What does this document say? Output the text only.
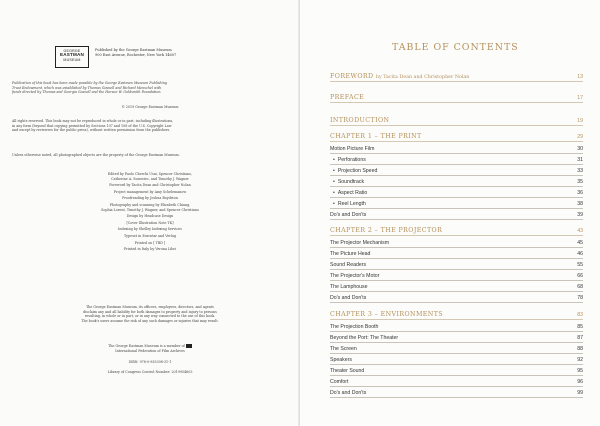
GEORGE
EASTMAN
MUSEUM
Published by the George Eastman Museum
900 East Avenue, Rochester, New York 14607
Publication of this book has been made possible by the George Eastman Museum Publishing
Trust Endowment, which was established by Thomas Gosnell and Richard Menschel with
funds directed by Thomas and Georgia Gosnell and the Horace W. Goldsmith Foundation.
© 2019 George Eastman Museum
All rights reserved. This book may not be reproduced in whole or in part, including illustrations,
in any form (beyond that copying permitted by Sections 107 and 108 of the U.S. Copyright Law
and except by reviewers for the public press), without written permission from the publishers.
Unless otherwise noted, all photographed objects are the property of the George Eastman Museum.
Edited by Paolo Cherchi Usai, Spencer Christiano,
Catherine A. Surowiec, and Timothy J. Wagner
Foreword by Tacita Dean and Christopher Nolan
Project management by Amy Schelemanow
Proofreading by Joshua Boydston
Photography and scanning by Elizabeth Chiang,
Sophia Lorent, Timothy J. Wagner, and Spencer Christiano
Design by Headcase Design
[Cover Illustration Note TK]
Indexing by Shelley Indexing Services
Typeset in Eurostar and Verlag
Printed on [ TBD ]
Printed in Italy by Verona Libri
The George Eastman Museum, its officers, employees, directors, and agents
disclaim any and all liability for both damages to property and injury to persons
resulting, in whole or in part, or in any way connected to the use of this book.
The book's users assume the risk of any such damages or injuries that may result.
The George Eastman Museum is a member of
International Federation of Film Archives
ISBN: 978-0-935398-31-1
Library of Congress Control Number: 2019954603
TABLE OF CONTENTS
FOREWORD by Tacita Dean and Christopher Nolan	13
PREFACE	17
INTRODUCTION	19
CHAPTER 1 – THE PRINT	29
Motion Picture Film	30
• Perforations	31
• Projection Speed	33
• Soundtrack	35
• Aspect Ratio	36
• Reel Length	38
Do's and Don'ts	39
CHAPTER 2 – THE PROJECTOR	43
The Projector Mechanism	45
The Picture Head	46
Sound Readers	55
The Projector's Motor	66
The Lamphouse	68
Do's and Don'ts	78
CHAPTER 3 – ENVIRONMENTS	83
The Projection Booth	85
Beyond the Port: The Theater	87
The Screen	88
Speakers	92
Theater Sound	95
Comfort	96
Do's and Don'ts	99
